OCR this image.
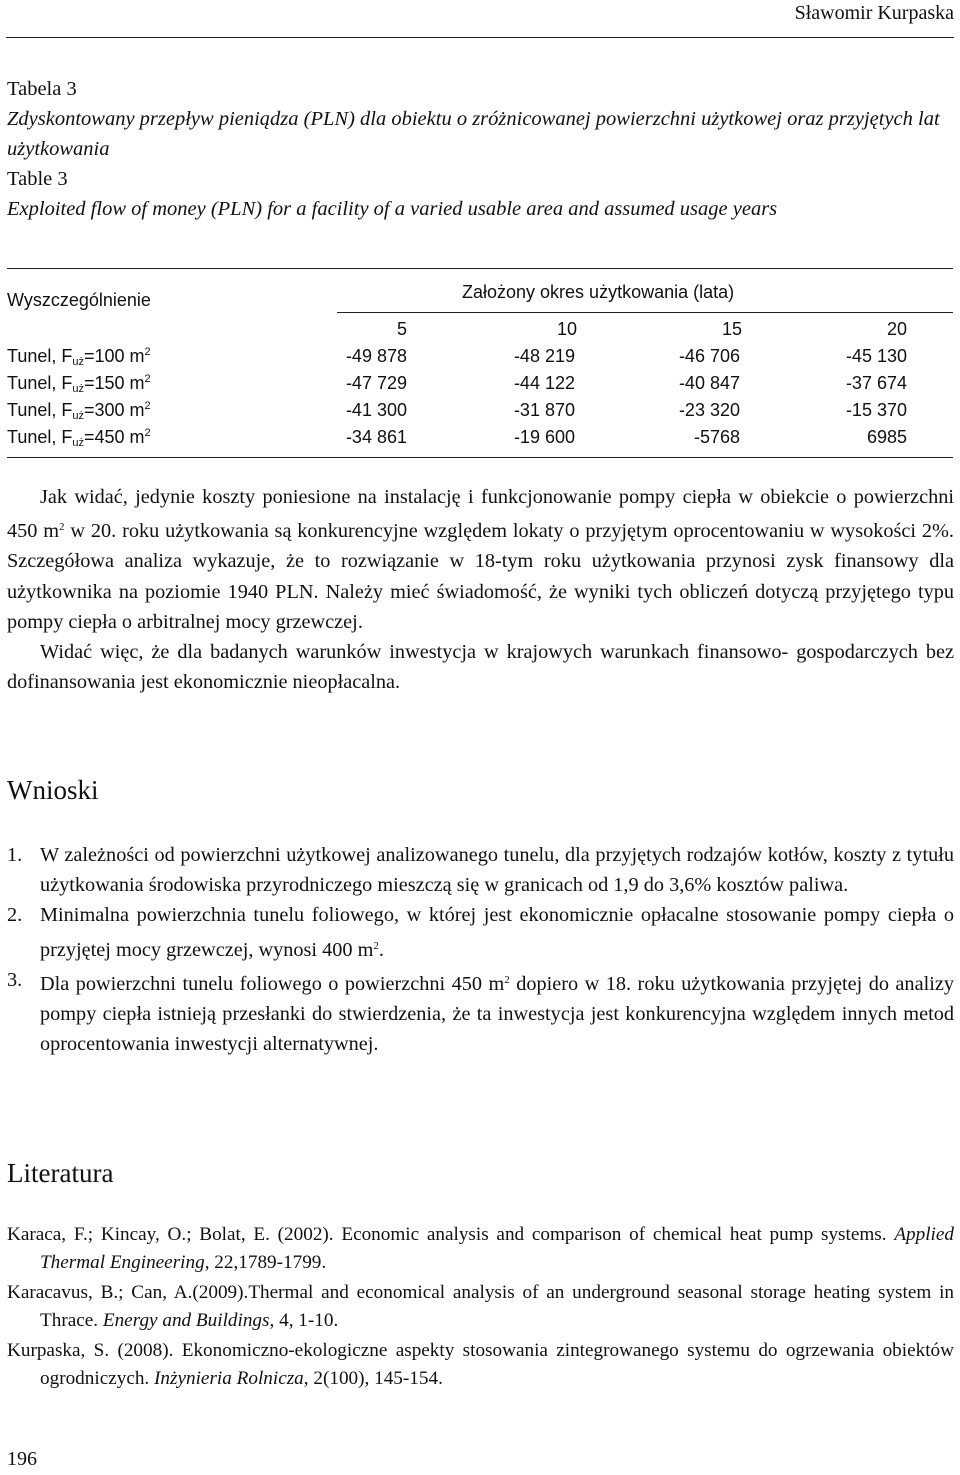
Sławomir Kurpaska
Tabela 3
Zdyskontowany przepływ pieniądza (PLN) dla obiektu o zróżnicowanej powierzchni użytkowej oraz przyjętych lat użytkowania
Table 3
Exploited flow of money (PLN) for a facility of a varied usable area and assumed usage years
Wyszczególnienie	Założony okres użytkowania (lata)
5	10	15	20
Tunel, $F_{uż}=100$ $m^2$	-49 878	-48 219	-46 706	-45 130
Tunel, $F_{uż}=150$ $m^2$	-47 729	-44 122	-40 847	-37 674
Tunel, $F_{uż}=300$ $m^2$	-41 300	-31 870	-23 320	-15 370
Tunel, $F_{uż}=450$ $m^2$	-34 861	-19 600	-5768	6985

Jak widać, jedynie koszty poniesione na instalację i funkcjonowanie pompy ciepła w obiekcie o powierzchni 450 $m^2$ w 20. roku użytkowania są konkurencyjne względem lokaty o przyjętym oprocentowaniu w wysokości 2%. Szczegółowa analiza wykazuje, że to rozwiązanie w 18-tym roku użytkowania przynosi zysk finansowy dla użytkownika na poziomie 1940 PLN. Należy mieć świadomość, że wyniki tych obliczeń dotyczą przyjętego typu pompy ciepła o arbitralnej mocy grzewczej.

Widać więc, że dla badanych warunków inwestycja w krajowych warunkach finansowo- gospodarczych bez dofinansowania jest ekonomicznie nieopłacalna.

Wnioski
1. W zależności od powierzchni użytkowej analizowanego tunelu, dla przyjętych rodzajów kotłów, koszty z tytułu użytkowania środowiska przyrodniczego mieszczą się w granicach od 1,9 do 3,6% kosztów paliwa.
2. Minimalna powierzchnia tunelu foliowego, w której jest ekonomicznie opłacalne stosowanie pompy ciepła o przyjętej mocy grzewczej, wynosi 400 $m^2$.
3. Dla powierzchni tunelu foliowego o powierzchni 450 $m^2$ dopiero w 18. roku użytkowania przyjętej do analizy pompy ciepła istnieją przesłanki do stwierdzenia, że ta inwestycja jest konkurencyjna względem innych metod oprocentowania inwestycji alternatywnej.
Literatura
Karaca, F.; Kincay, O.; Bolat, E. (2002). Economic analysis and comparison of chemical heat pump systems. Applied Thermal Engineering, 22,1789-1799.
Karacavus, B.; Can, A.(2009).Thermal and economical analysis of an underground seasonal storage heating system in Thrace. Energy and Buildings, 4, 1-10.
Kurpaska, S. (2008). Ekonomiczno-ekologiczne aspekty stosowania zintegrowanego systemu do ogrzewania obiektów ogrodniczych. Inżynieria Rolnicza, 2(100), 145-154.
196
